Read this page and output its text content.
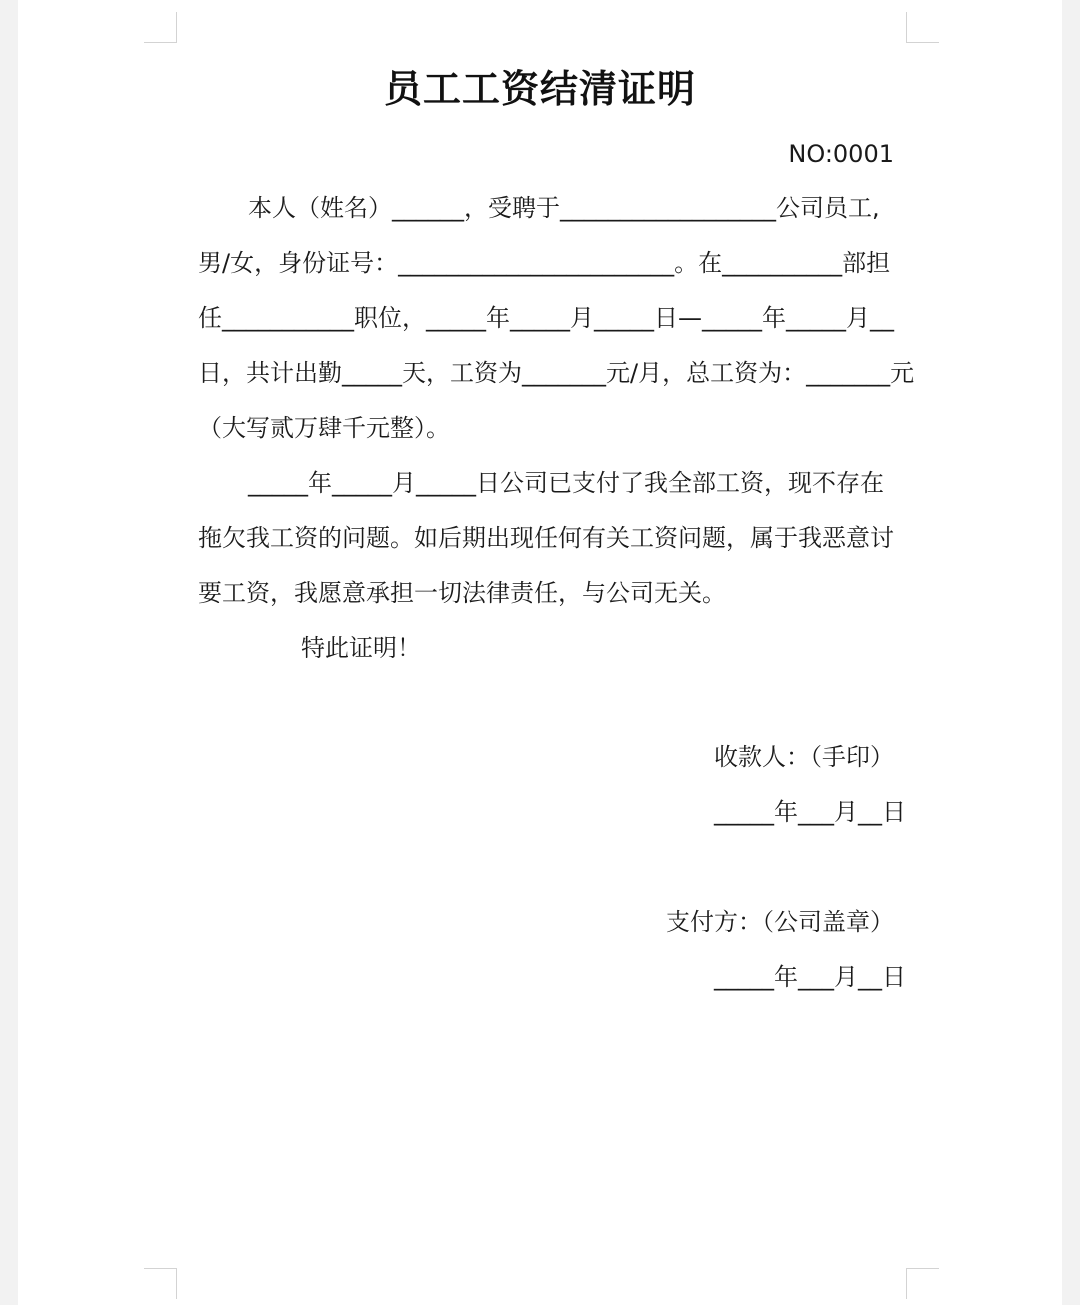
员工工资结清证明
NO:0001
本人（姓名）______，受聘于__________________公司员工,
男/女，身份证号：_______________________。在__________部担
任___________职位，_____年_____月_____日—_____年_____月__
日，共计出勤_____天，工资为_______元/月，总工资为：_______元
（大写贰万肆千元整）。
_____年_____月_____日公司已支付了我全部工资，现不存在
拖欠我工资的问题。如后期出现任何有关工资问题，属于我恶意讨
要工资，我愿意承担一切法律责任，与公司无关。
特此证明！
收款人：（手印）
_____年___月__日
支付方：（公司盖章）
_____年___月__日
